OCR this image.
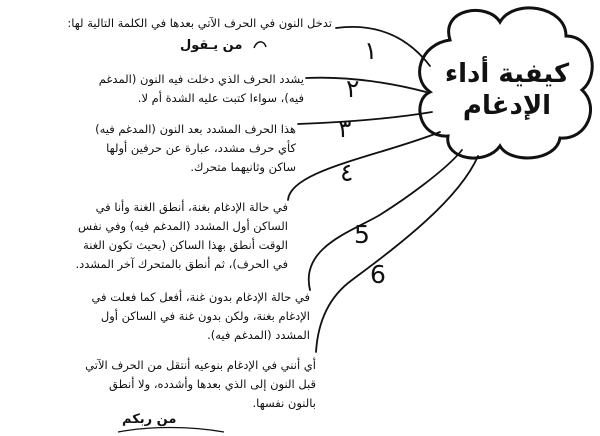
كيفية أداء
الإدغام
١
٢
٣
٤
5
6
تدخل النون في الحرف الآتي بعدها في الكلمة التالية لها:
من يـقول
يشدد الحرف الذي دخلت فيه النون (المدغم
فيه)، سواءا كتبت عليه الشدة أم لا.
هذا الحرف المشدد بعد النون (المدغم فيه)
كأي حرف مشدد، عبارة عن حرفين أولها
ساكن وثانيهما متحرك.
في حالة الإدغام بغنة، أنطق الغنة وأنا في
الساكن أول المشدد (المدغم فيه) وفي نفس
الوقت أنطق بهذا الساكن (بحيث تكون الغنة
في الحرف)، ثم أنطق بالمتحرك آخر المشدد.
في حالة الإدغام بدون غنة، أفعل كما فعلت في
الإدغام بغنة، ولكن بدون غنة في الساكن أول
المشدد (المدغم فيه).
أي أنني في الإدغام بنوعيه أنتقل من الحرف الآتي
قبل النون إلى الذي بعدها وأشدده، ولا أنطق
بالنون نفسها.
من ربكم
